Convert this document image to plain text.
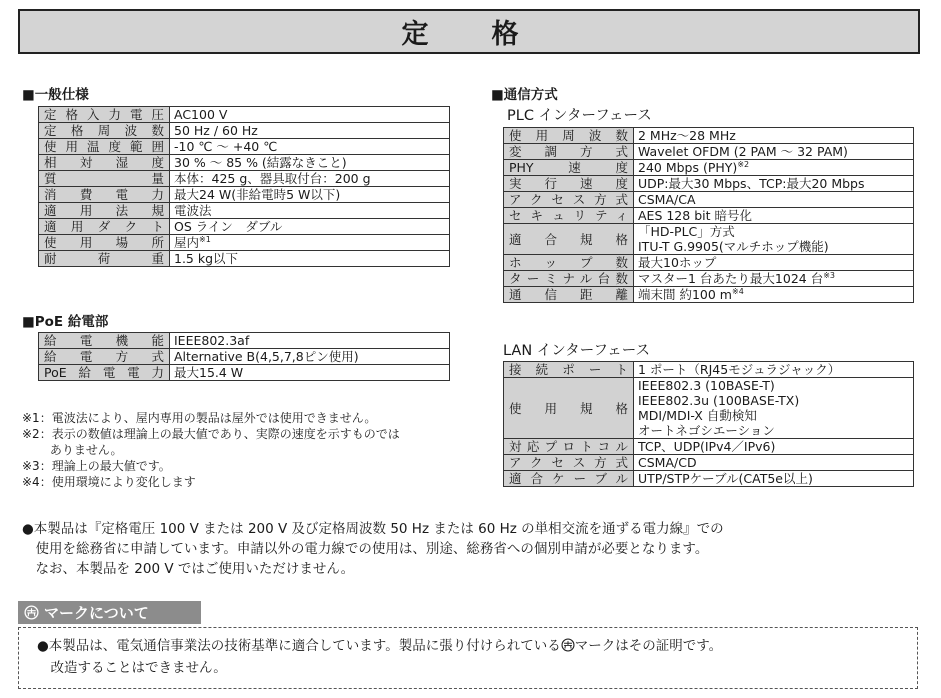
定　格
■一般仕様
定格入力電圧	AC100 V
定格周波数	50 Hz / 60 Hz
使用温度範囲	-10 ℃ ～ +40 ℃
相対湿度	30 % ～ 85 % (結露なきこと)
質量	本体：425 g、器具取付台：200 g
消費電力	最大24 W(非給電時5 W以下)
適用法規	電波法
適用ダクト	OS ライン　ダブル
使用場所	屋内$^{※1}$
耐荷重	1.5 kg以下
■PoE 給電部
給電機能	IEEE802.3af
給電方式	Alternative B(4,5,7,8ピン使用)
PoE給電電力	最大15.4 W
※1：電波法により、屋内専用の製品は屋外では使用できません。
※2：表示の数値は理論上の最大値であり、実際の速度を示すものでは
　　 ありません。
※3：理論上の最大値です。
※4：使用環境により変化します
■通信方式
PLC インターフェース
使用周波数	2 MHz～28 MHz
変調方式	Wavelet OFDM (2 PAM ～ 32 PAM)
PHY速度	240 Mbps (PHY)$^{※2}$
実行速度	UDP:最大30 Mbps、TCP:最大20 Mbps
アクセス方式	CSMA/CA
セキュリティ	AES 128 bit 暗号化
適合規格	「HD-PLC」方式
ITU-T G.9905(マルチホップ機能)

ホップ数	最大10ホップ
ターミナル台数	マスター1 台あたり最大1024 台$^{※3}$
通信距離	端末間 約100 $m^{※4}$
LAN インターフェース
接続ポート	1 ポート（RJ45モジュラジャック）
使用規格	IEEE802.3 (10BASE-T)
IEEE802.3u (100BASE-TX)
MDI/MDI-X 自動検知
オートネゴシエーション

対応プロトコル	TCP、UDP(IPv4／IPv6)
アクセス方式	CSMA/CD
適合ケーブル	UTP/STPケーブル(CAT5e以上)
●本製品は『定格電圧 100 V または 200 V 及び定格周波数 50 Hz または 60 Hz の単相交流を通ずる電力線』での
　使用を総務省に申請しています。申請以外の電力線での使用は、別途、総務省への個別申請が必要となります。
　なお、本製品を 200 V ではご使用いただけません。
マークについて
●本製品は、電気通信事業法の技術基準に適合しています。製品に張り付けられている マークはその証明です。
　改造することはできません。
